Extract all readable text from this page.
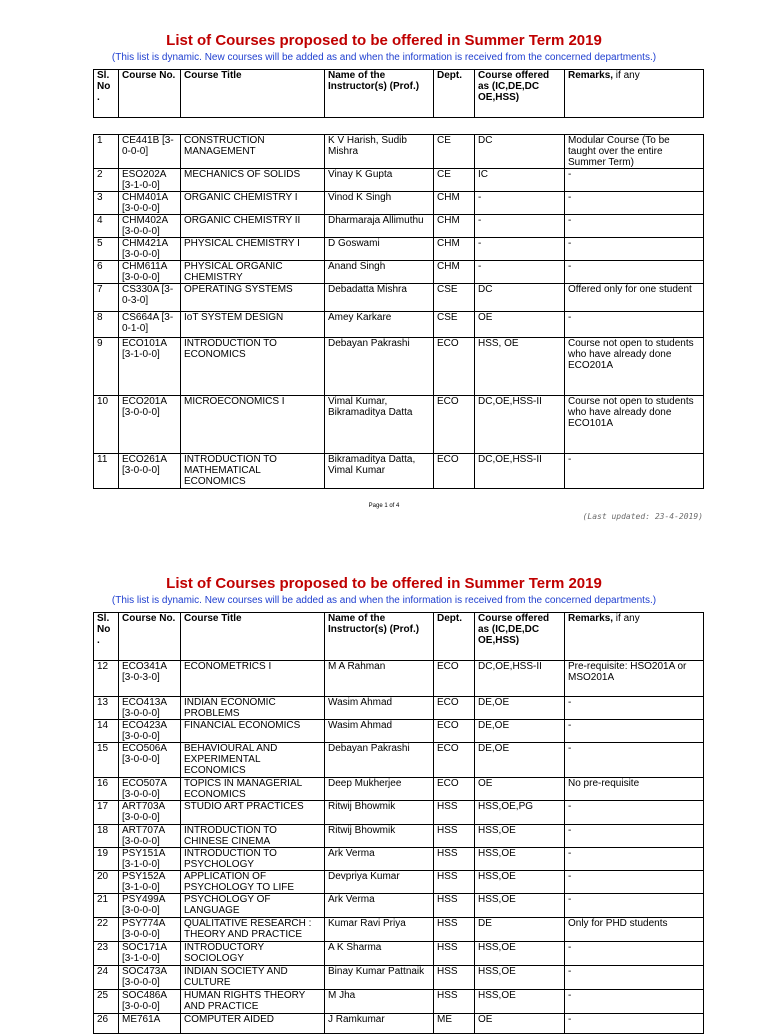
List of Courses proposed to be offered in Summer Term 2019
(This list is dynamic. New courses will be added as and when the information is received from the concerned departments.)
Sl. No .	Course No.	Course Title	Name of the Instructor(s) (Prof.)	Dept.	Course offered as (IC,DE,DC OE,HSS)	Remarks, if any
1	CE441B [3-0-0-0]	CONSTRUCTION MANAGEMENT	K V Harish, Sudib Mishra	CE	DC	Modular Course (To be taught over the entire Summer Term)
2	ESO202A [3-1-0-0]	MECHANICS OF SOLIDS	Vinay K Gupta	CE	IC	-
3	CHM401A [3-0-0-0]	ORGANIC CHEMISTRY I	Vinod K Singh	CHM	-	-
4	CHM402A [3-0-0-0]	ORGANIC CHEMISTRY II	Dharmaraja Allimuthu	CHM	-	-
5	CHM421A [3-0-0-0]	PHYSICAL CHEMISTRY I	D Goswami	CHM	-	-
6	CHM611A [3-0-0-0]	PHYSICAL ORGANIC CHEMISTRY	Anand Singh	CHM	-	-
7	CS330A [3-0-3-0]	OPERATING SYSTEMS	Debadatta Mishra	CSE	DC	Offered only for one student
8	CS664A [3-0-1-0]	IoT SYSTEM DESIGN	Amey Karkare	CSE	OE	-
9	ECO101A [3-1-0-0]	INTRODUCTION TO ECONOMICS	Debayan Pakrashi	ECO	HSS, OE	Course not open to students who have already done ECO201A
10	ECO201A [3-0-0-0]	MICROECONOMICS I	Vimal Kumar, Bikramaditya Datta	ECO	DC,OE,HSS-II	Course not open to students who have already done ECO101A
11	ECO261A [3-0-0-0]	INTRODUCTION TO MATHEMATICAL ECONOMICS	Bikramaditya Datta, Vimal Kumar	ECO	DC,OE,HSS-II	-
Page 1 of 4
(Last updated: 23-4-2019)
List of Courses proposed to be offered in Summer Term 2019
(This list is dynamic. New courses will be added as and when the information is received from the concerned departments.)
Sl. No .	Course No.	Course Title	Name of the Instructor(s) (Prof.)	Dept.	Course offered as (IC,DE,DC OE,HSS)	Remarks, if any
12	ECO341A [3-0-3-0]	ECONOMETRICS I	M A Rahman	ECO	DC,OE,HSS-II	Pre-requisite: HSO201A or MSO201A
13	ECO413A [3-0-0-0]	INDIAN ECONOMIC PROBLEMS	Wasim Ahmad	ECO	DE,OE	-
14	ECO423A [3-0-0-0]	FINANCIAL ECONOMICS	Wasim Ahmad	ECO	DE,OE	-
15	ECO506A [3-0-0-0]	BEHAVIOURAL AND EXPERIMENTAL ECONOMICS	Debayan Pakrashi	ECO	DE,OE	-
16	ECO507A [3-0-0-0]	TOPICS IN MANAGERIAL ECONOMICS	Deep Mukherjee	ECO	OE	No pre-requisite
17	ART703A [3-0-0-0]	STUDIO ART PRACTICES	Ritwij Bhowmik	HSS	HSS,OE,PG	-
18	ART707A [3-0-0-0]	INTRODUCTION TO CHINESE CINEMA	Ritwij Bhowmik	HSS	HSS,OE	-
19	PSY151A [3-1-0-0]	INTRODUCTION TO PSYCHOLOGY	Ark Verma	HSS	HSS,OE	-
20	PSY152A [3-1-0-0]	APPLICATION OF PSYCHOLOGY TO LIFE	Devpriya Kumar	HSS	HSS,OE	-
21	PSY499A [3-0-0-0]	PSYCHOLOGY OF LANGUAGE	Ark Verma	HSS	HSS,OE	-
22	PSY774A [3-0-0-0]	QUALITATIVE RESEARCH : THEORY AND PRACTICE	Kumar Ravi Priya	HSS	DE	Only for PHD students
23	SOC171A [3-1-0-0]	INTRODUCTORY SOCIOLOGY	A K Sharma	HSS	HSS,OE	-
24	SOC473A [3-0-0-0]	INDIAN SOCIETY AND CULTURE	Binay Kumar Pattnaik	HSS	HSS,OE	-
25	SOC486A [3-0-0-0]	HUMAN RIGHTS THEORY AND PRACTICE	M Jha	HSS	HSS,OE	-
26	ME761A	COMPUTER AIDED	J Ramkumar	ME	OE	-
